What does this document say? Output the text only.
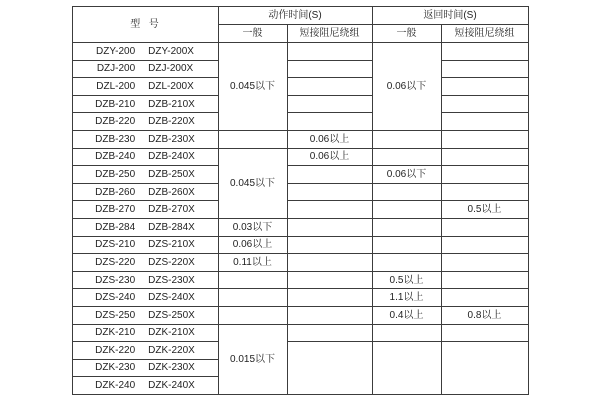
型  号	动作时间(S)		返回时间(S)	
	一般	短接阻尼绕组	一般	短接阻尼绕组
DZY-200 DZY-200X	0.045以下		0.06以下	
DZJ-200 DZJ-200X				
DZL-200 DZL-200X				
DZB-210 DZB-210X				
DZB-220 DZB-220X				
DZB-230 DZB-230X		0.06以上		
DZB-240 DZB-240X	0.045以下	0.06以上		
DZB-250 DZB-250X			0.06以下	
DZB-260 DZB-260X				
DZB-270 DZB-270X				0.5以上
DZB-284 DZB-284X	0.03以下			
DZS-210 DZS-210X	0.06以上			
DZS-220 DZS-220X	0.11以上			
DZS-230 DZS-230X			0.5以上	
DZS-240 DZS-240X			1.1以上	
DZS-250 DZS-250X			0.4以上	0.8以上
DZK-210 DZK-210X	0.015以下			
DZK-220 DZK-220X				
DZK-230 DZK-230X				
DZK-240 DZK-240X				
